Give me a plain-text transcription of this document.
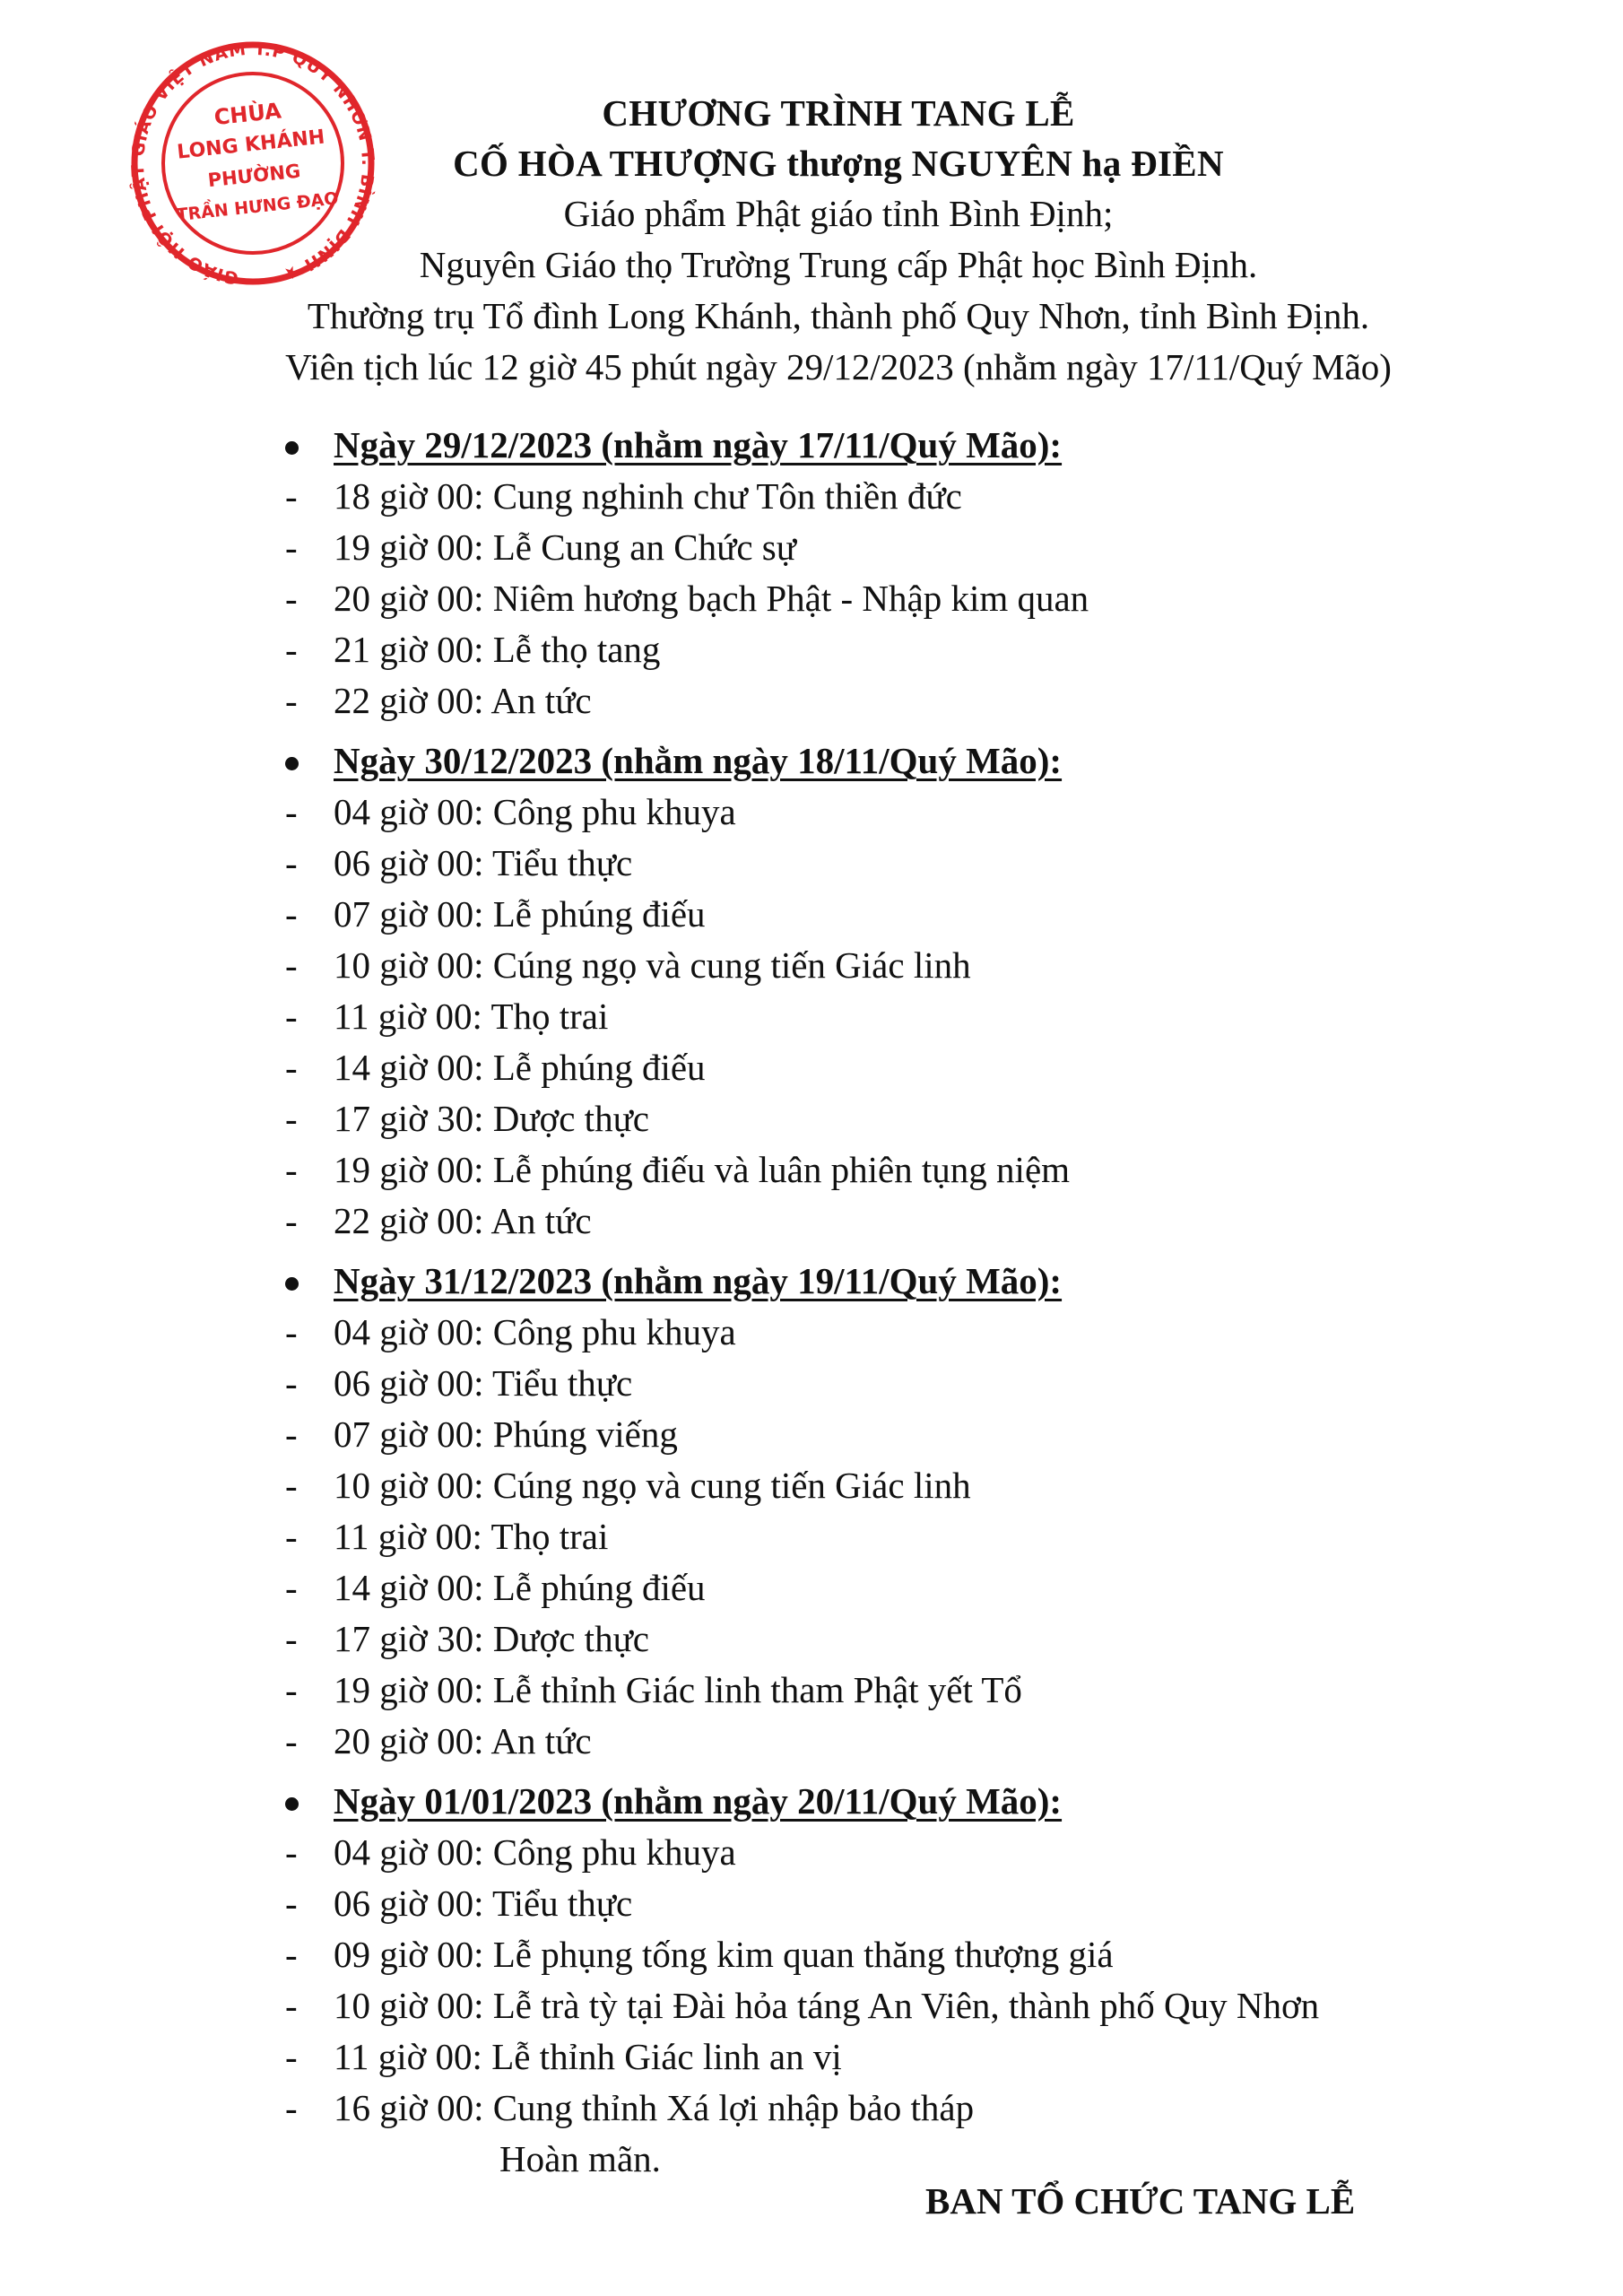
GIÁO HỘI PHẬT GIÁO VIỆT NAM T.P QUY NHƠN T. BÌNH ĐỊNH ★
CHÙA
LONG KHÁNH
PHƯỜNG
TRẦN HƯNG ĐẠO
CHƯƠNG TRÌNH TANG LỄ
CỐ HÒA THƯỢNG thượng NGUYÊN hạ ĐIỀN
Giáo phẩm Phật giáo tỉnh Bình Định;
Nguyên Giáo thọ Trường Trung cấp Phật học Bình Định.
Thường trụ Tổ đình Long Khánh, thành phố Quy Nhơn, tỉnh Bình Định.
Viên tịch lúc 12 giờ 45 phút ngày 29/12/2023 (nhằm ngày 17/11/Quý Mão)
Ngày 29/12/2023 (nhằm ngày 17/11/Quý Mão):
- 18 giờ 00: Cung nghinh chư Tôn thiền đức
- 19 giờ 00: Lễ Cung an Chức sự
- 20 giờ 00: Niêm hương bạch Phật - Nhập kim quan
- 21 giờ 00: Lễ thọ tang
- 22 giờ 00: An tức
Ngày 30/12/2023 (nhằm ngày 18/11/Quý Mão):
- 04 giờ 00: Công phu khuya
- 06 giờ 00: Tiểu thực
- 07 giờ 00: Lễ phúng điếu
- 10 giờ 00: Cúng ngọ và cung tiến Giác linh
- 11 giờ 00: Thọ trai
- 14 giờ 00: Lễ phúng điếu
- 17 giờ 30: Dược thực
- 19 giờ 00: Lễ phúng điếu và luân phiên tụng niệm
- 22 giờ 00: An tức
Ngày 31/12/2023 (nhằm ngày 19/11/Quý Mão):
- 04 giờ 00: Công phu khuya
- 06 giờ 00: Tiểu thực
- 07 giờ 00: Phúng viếng
- 10 giờ 00: Cúng ngọ và cung tiến Giác linh
- 11 giờ 00: Thọ trai
- 14 giờ 00: Lễ phúng điếu
- 17 giờ 30: Dược thực
- 19 giờ 00: Lễ thỉnh Giác linh tham Phật yết Tổ
- 20 giờ 00: An tức
Ngày 01/01/2023 (nhằm ngày 20/11/Quý Mão):
- 04 giờ 00: Công phu khuya
- 06 giờ 00: Tiểu thực
- 09 giờ 00: Lễ phụng tống kim quan thăng thượng giá
- 10 giờ 00: Lễ trà tỳ tại Đài hỏa táng An Viên, thành phố Quy Nhơn
- 11 giờ 00: Lễ thỉnh Giác linh an vị
- 16 giờ 00: Cung thỉnh Xá lợi nhập bảo tháp
Hoàn mãn.
BAN TỔ CHỨC TANG LỄ
